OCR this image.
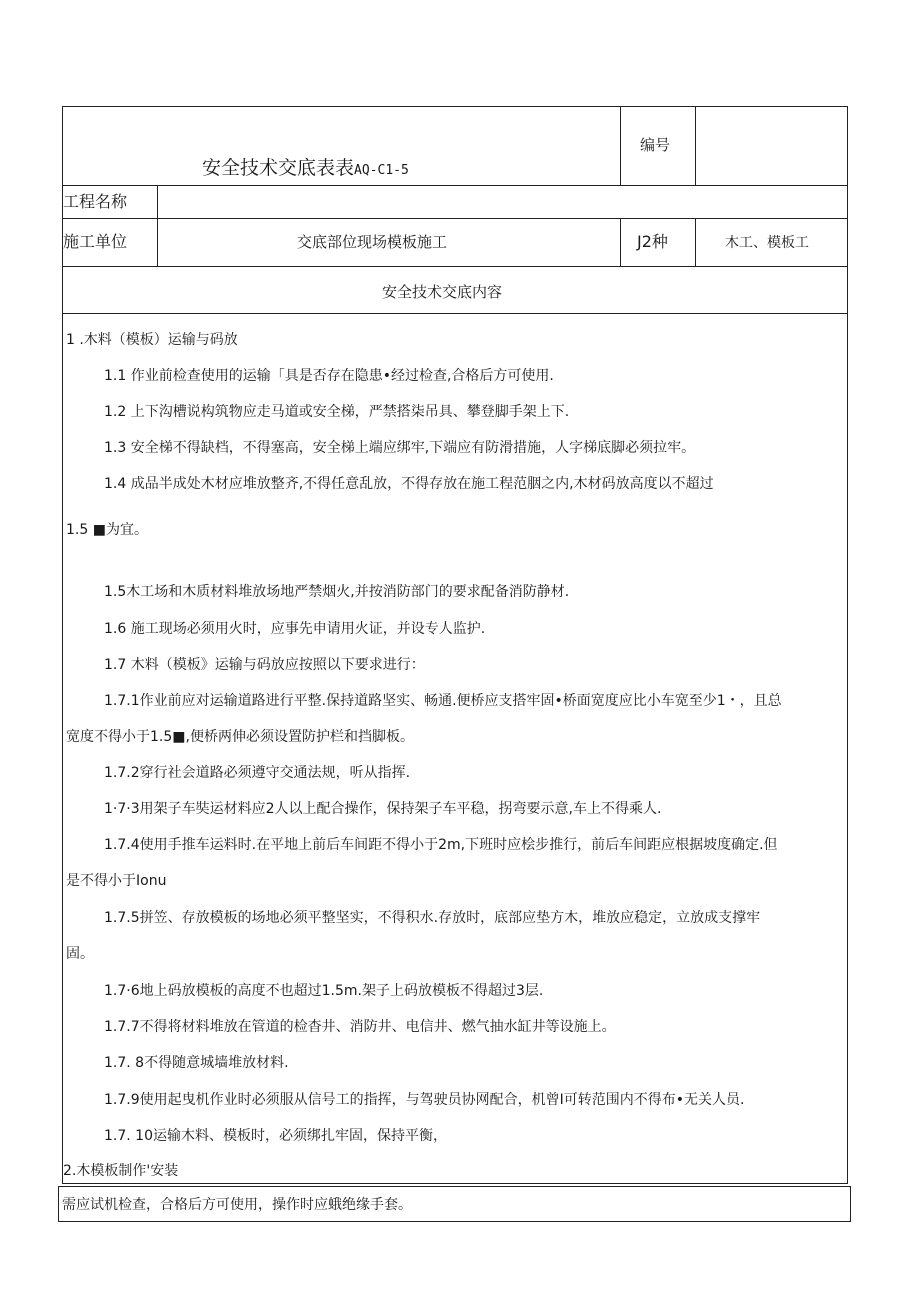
安全技术交底表表AQ-C1-5
编号
工程名称
施工单位	交底部位现场模板施工	J2种	木工、模板工
安全技术交底内容
1 .木料（模板）运输与码放
1.1 作业前检查使用的运输「具是否存在隐患•经过检查,合格后方可使用.
1.2 上下沟槽说构筑物应走马道或安全梯，严禁搭柒吊具、攀登脚手架上下.
1.3 安全梯不得缺档，不得塞高，安全梯上端应绑牢,下端应有防滑措施，人字梯底脚必须拉牢。
1.4 成品半成处木材应堆放整齐,不得任意乱放，不得存放在施工程范胭之内,木材码放高度以不超过
1.5 ■为宜。
1.5木工场和木质材料堆放场地严禁烟火,并按消防部门的要求配备消防静材.
1.6 施工现场必须用火时，应事先申请用火证，并设专人监护.
1.7 木料（模板》运输与码放应按照以下要求进行：
1.7.1作业前应对运输道路进行平整.保持道路坚实、畅通.便桥应支搭牢固•桥面宽度应比小车宽至少1・，且总
宽度不得小于1.5■,便桥两伸必须设置防护栏和挡脚板。
1.7.2穿行社会道路必须遵守交通法规，听从指挥.
1·7·3用架子车奘运材料应2人以上配合操作，保持架子车平稳，拐弯要示意,车上不得乘人.
1.7.4使用手推车运料时.在平地上前后车间距不得小于2m,下班时应桧步推行，前后车间距应根据坡度确定.但
是不得小于Ionu
1.7.5拼笠、存放模板的场地必须平整坚实，不得积水.存放时，底部应垫方木，堆放应稳定，立放成支撑牢
固。
1.7·6地上码放模板的高度不也超过1.5m.架子上码放模板不得超过3层.
1.7.7不得将材料堆放在管道的检杳井、消防井、电信井、燃气抽水缸井等设施上。
1.7. 8不得随意城墙堆放材料.
1.7.9使用起曳机作业时必须服从信号工的指挥，与驾驶员协网配合，机曾I可转范围内不得布•无关人员.
1.7. 10运输木料、模板时，必须绑扎牢固，保持平衡，
2.木模板制作'安装
需应试机检查，合格后方可使用，操作时应蛾绝缘手套。
